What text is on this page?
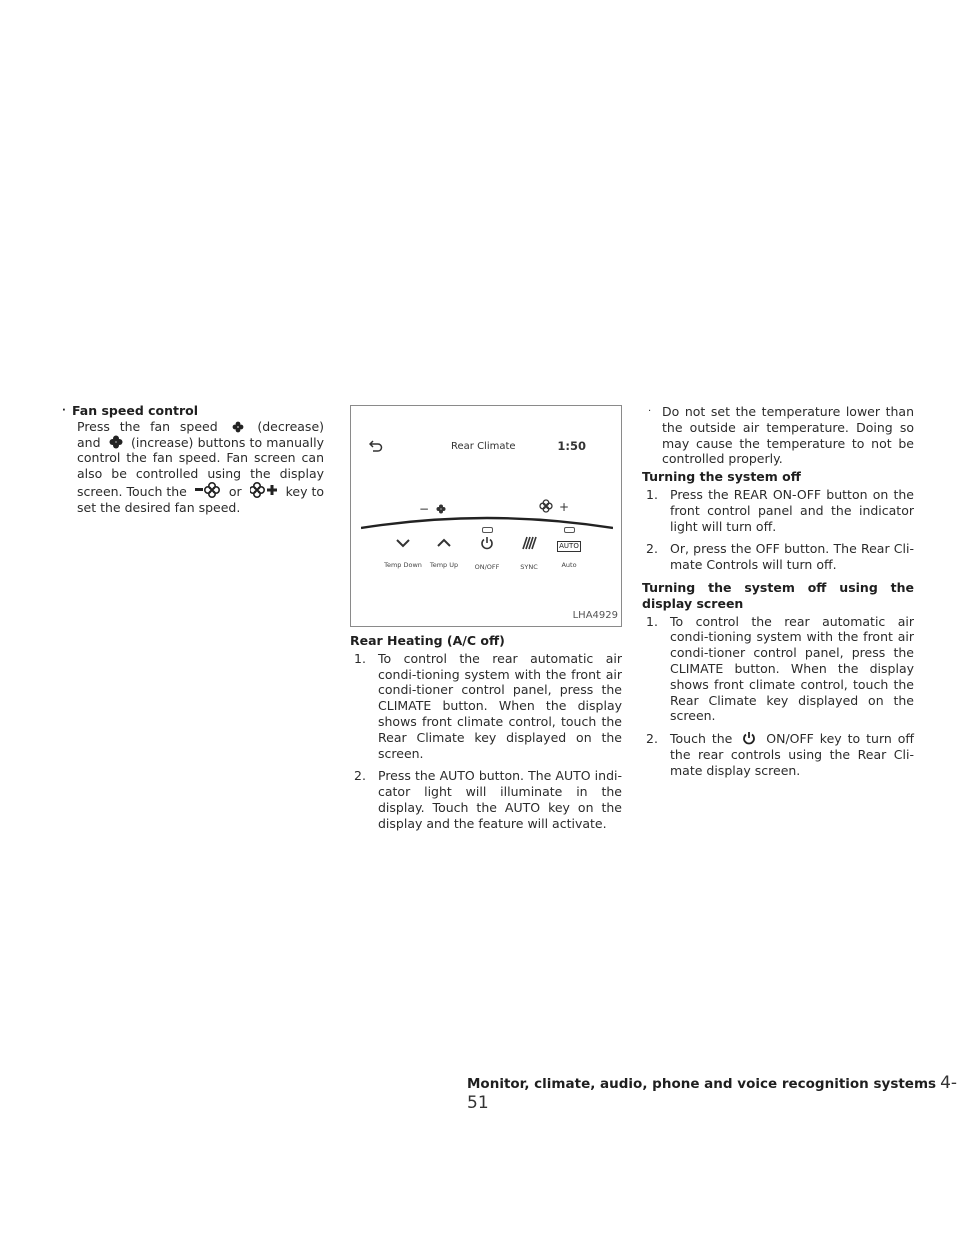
· Fan speed control

Press the fan speed	(decrease)

and (increase) buttons to manually

control the fan speed. Fan screen can

also be controlled using the display

screen. Touch the	or	key to

set the desired fan speed.

Rear Climate	1:50
−	+
Temp Down	Temp Up	ON/OFF	SYNC
AUTO
Auto
LHA4929

Rear Heating (A/C off)

1. To control the rear automatic air condi-tioning system with the front air condi-tioner control panel, press the CLIMATE button. When the display shows front climate control, touch the Rear Climate key displayed on the screen.
2. Press the AUTO button. The AUTO indi-cator light will illuminate in the display. Touch the AUTO key on the display and the feature will activate.
· Do not set the temperature lower than the outside air temperature. Doing so may cause the temperature to not be controlled properly.

Turning the system off

1. Press the REAR ON-OFF button on the front control panel and the indicator light will turn off.
2. Or, press the OFF button. The Rear Cli-mate Controls will turn off.

Turning the system off using the display screen

1. To control the rear automatic air condi-tioning system with the front air condi-tioner control panel, press the CLIMATE button. When the display shows front climate control, touch the Rear Climate key displayed on the screen.
2. Touch the	ON/OFF key to turn off the rear controls using the Rear Cli-mate display screen.
Monitor, climate, audio, phone and voice recognition systems 4-51
